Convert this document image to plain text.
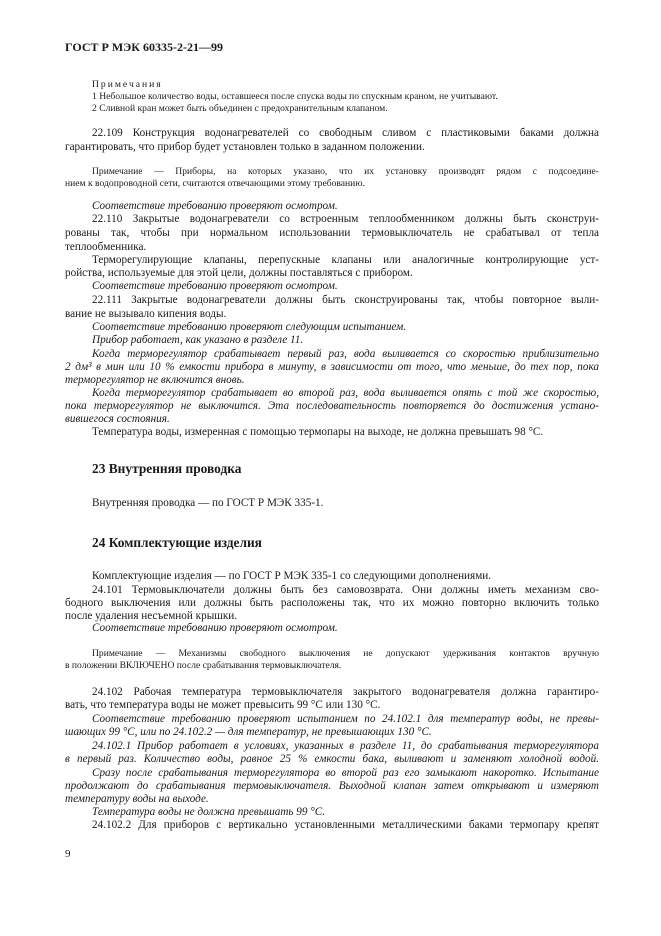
ГОСТ Р МЭК 60335-2-21—99
Примечания
1 Небольшое количество воды, оставшееся после спуска воды по спускным краном, не учитывают.
2 Сливной кран может быть объединен с предохранительным клапаном.
22.109 Конструкция водонагревателей со свободным сливом с пластиковыми баками должна
гарантировать, что прибор будет установлен только в заданном положении.
Примечание — Приборы, на которых указано, что их установку производят рядом с подсоедине-
нием к водопроводной сети, считаются отвечающими этому требованию.
Соответствие требованию проверяют осмотром.
22.110 Закрытые водонагреватели со встроенным теплообменником должны быть сконструи-
рованы так, чтобы при нормальном использовании термовыключатель не срабатывал от тепла
теплообменника.
Терморегулирующие клапаны, перепускные клапаны или аналогичные контролирующие уст-
ройства, используемые для этой цели, должны поставляться с прибором.
Соответствие требованию проверяют осмотром.
22.111 Закрытые водонагреватели должны быть сконструированы так, чтобы повторное выли-
вание не вызывало кипения воды.
Соответствие требованию проверяют следующим испытанием.
Прибор работает, как указано в разделе 11.
Когда терморегулятор срабатывает первый раз, вода выливается со скоростью приблизительно
2 дм³ в мин или 10 % емкости прибора в минуту, в зависимости от того, что меньше, до тех пор, пока
терморегулятор не включится вновь.
Когда терморегулятор срабатывает во второй раз, вода выливается опять с той же скоростью,
пока терморегулятор не выключится. Эта последовательность повторяется до достижения устано-
вившегося состояния.
Температура воды, измеренная с помощью термопары на выходе, не должна превышать 98 °С.
23 Внутренняя проводка
Внутренняя проводка — по ГОСТ Р МЭК 335-1.
24 Комплектующие изделия
Комплектующие изделия — по ГОСТ Р МЭК 335-1 со следующими дополнениями.
24.101 Термовыключатели должны быть без самовозврата. Они должны иметь механизм сво-
бодного выключения или должны быть расположены так, что их можно повторно включить только
после удаления несъемной крышки.
Соответствие требованию проверяют осмотром.
Примечание — Механизмы свободного выключения не допускают удерживания контактов вручную
в положении ВКЛЮЧЕНО после срабатывания термовыключателя.
24.102 Рабочая температура термовыключателя закрытого водонагревателя должна гарантиро-
вать, что температура воды не может превысить 99 °С или 130 °С.
Соответствие требованию проверяют испытанием по 24.102.1 для температур воды, не превы-
шающих 99 °С, или по 24.102.2 — для температур, не превышающих 130 °С.
24.102.1 Прибор работает в условиях, указанных в разделе 11, до срабатывания терморегулятора
в первый раз. Количество воды, равное 25 % емкости бака, выливают и заменяют холодной водой.
Сразу после срабатывания терморегулятора во второй раз его замыкают накоротко. Испытание
продолжают до срабатывания термовыключателя. Выходной клапан затем открывают и измеряют
температуру воды на выходе.
Температура воды не должна превышать 99 °С.
24.102.2 Для приборов с вертикально установленными металлическими баками термопару крепят
9
